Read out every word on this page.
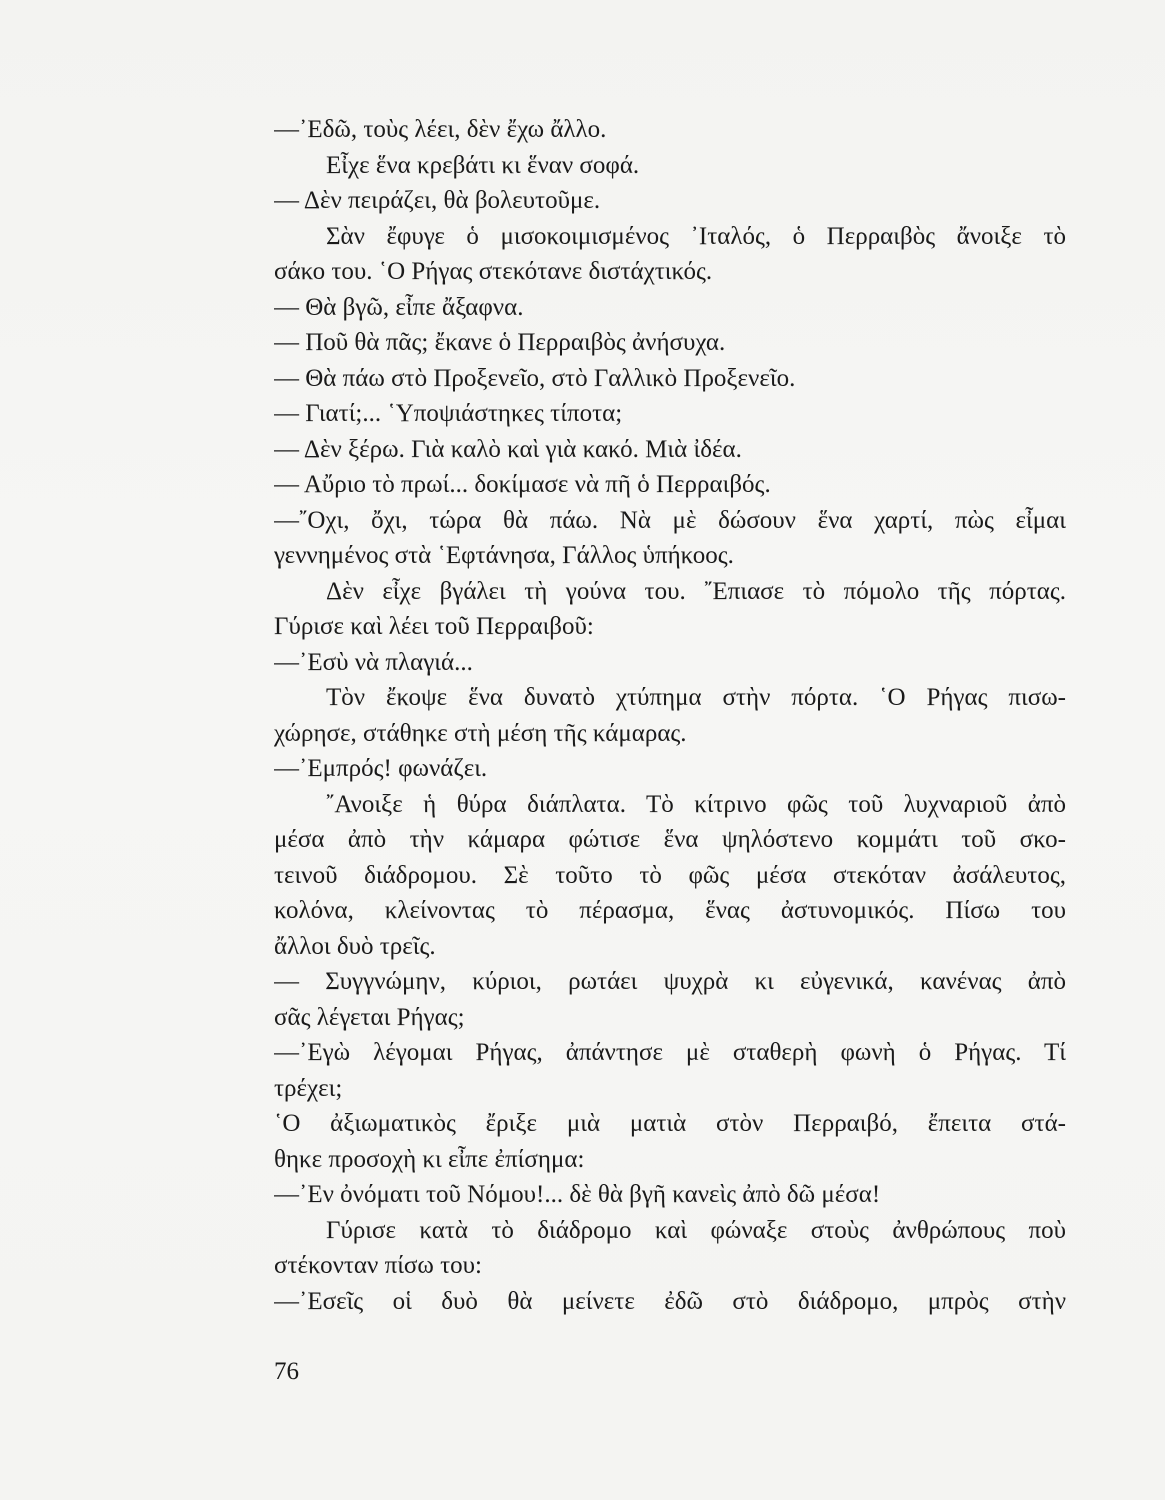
—᾿Εδῶ, τοὺς λέει, δὲν ἔχω ἄλλο.
Εἶχε ἕνα κρεβάτι κι ἕναν σοφά.
— Δὲν πειράζει, θὰ βολευτοῦμε.
Σὰν ἔφυγε ὁ μισοκοιμισμένος ᾿Ιταλός, ὁ Περραιβὸς ἄνοιξε τὸ
σάκο του. ῾Ο Ρήγας στεκότανε διστάχτικός.
— Θὰ βγῶ, εἶπε ἄξαφνα.
— Ποῦ θὰ πᾶς; ἔκανε ὁ Περραιβὸς ἀνήσυχα.
— Θὰ πάω στὸ Προξενεῖο, στὸ Γαλλικὸ Προξενεῖο.
— Γιατί;... ῾Υποψιάστηκες τίποτα;
— Δὲν ξέρω. Γιὰ καλὸ καὶ γιὰ κακό. Μιὰ ἰδέα.
— Αὔριο τὸ πρωί... δοκίμασε νὰ πῆ ὁ Περραιβός.
—῎Οχι, ὄχι, τώρα θὰ πάω. Νὰ μὲ δώσουν ἕνα χαρτί, πὼς εἶμαι
γεννημένος στὰ ῾Εφτάνησα, Γάλλος ὑπήκοος.
Δὲν εἶχε βγάλει τὴ γούνα του. ῎Επιασε τὸ πόμολο τῆς πόρτας.
Γύρισε καὶ λέει τοῦ Περραιβοῦ:
—᾿Εσὺ νὰ πλαγιά...
Τὸν ἔκοψε ἕνα δυνατὸ χτύπημα στὴν πόρτα. ῾Ο Ρήγας πισω-
χώρησε, στάθηκε στὴ μέση τῆς κάμαρας.
—᾿Εμπρός! φωνάζει.
῎Ανοιξε ἡ θύρα διάπλατα. Τὸ κίτρινο φῶς τοῦ λυχναριοῦ ἀπὸ
μέσα ἀπὸ τὴν κάμαρα φώτισε ἕνα ψηλόστενο κομμάτι τοῦ σκο-
τεινοῦ διάδρομου. Σὲ τοῦτο τὸ φῶς μέσα στεκόταν ἀσάλευτος,
κολόνα, κλείνοντας τὸ πέρασμα, ἕνας ἀστυνομικός. Πίσω του
ἄλλοι δυὸ τρεῖς.
— Συγγνώμην, κύριοι, ρωτάει ψυχρὰ κι εὐγενικά, κανένας ἀπὸ
σᾶς λέγεται Ρήγας;
—᾿Εγὼ λέγομαι Ρήγας, ἀπάντησε μὲ σταθερὴ φωνὴ ὁ Ρήγας. Τί
τρέχει;
῾Ο ἀξιωματικὸς ἔριξε μιὰ ματιὰ στὸν Περραιβό, ἔπειτα στά-
θηκε προσοχὴ κι εἶπε ἐπίσημα:
—᾿Εν ὀνόματι τοῦ Νόμου!... δὲ θὰ βγῆ κανεὶς ἀπὸ δῶ μέσα!
Γύρισε κατὰ τὸ διάδρομο καὶ φώναξε στοὺς ἀνθρώπους ποὺ
στέκονταν πίσω του:
—᾿Εσεῖς οἱ δυὸ θὰ μείνετε ἐδῶ στὸ διάδρομο, μπρὸς στὴν
76
